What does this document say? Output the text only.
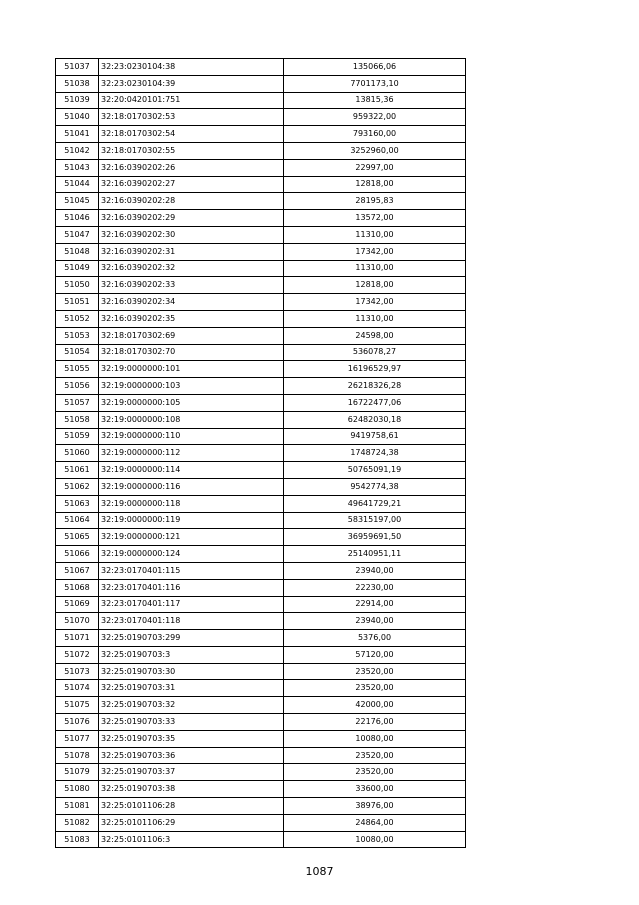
51037	32:23:0230104:38	135066,06
51038	32:23:0230104:39	7701173,10
51039	32:20:0420101:751	13815,36
51040	32:18:0170302:53	959322,00
51041	32:18:0170302:54	793160,00
51042	32:18:0170302:55	3252960,00
51043	32:16:0390202:26	22997,00
51044	32:16:0390202:27	12818,00
51045	32:16:0390202:28	28195,83
51046	32:16:0390202:29	13572,00
51047	32:16:0390202:30	11310,00
51048	32:16:0390202:31	17342,00
51049	32:16:0390202:32	11310,00
51050	32:16:0390202:33	12818,00
51051	32:16:0390202:34	17342,00
51052	32:16:0390202:35	11310,00
51053	32:18:0170302:69	24598,00
51054	32:18:0170302:70	536078,27
51055	32:19:0000000:101	16196529,97
51056	32:19:0000000:103	26218326,28
51057	32:19:0000000:105	16722477,06
51058	32:19:0000000:108	62482030,18
51059	32:19:0000000:110	9419758,61
51060	32:19:0000000:112	1748724,38
51061	32:19:0000000:114	50765091,19
51062	32:19:0000000:116	9542774,38
51063	32:19:0000000:118	49641729,21
51064	32:19:0000000:119	58315197,00
51065	32:19:0000000:121	36959691,50
51066	32:19:0000000:124	25140951,11
51067	32:23:0170401:115	23940,00
51068	32:23:0170401:116	22230,00
51069	32:23:0170401:117	22914,00
51070	32:23:0170401:118	23940,00
51071	32:25:0190703:299	5376,00
51072	32:25:0190703:3	57120,00
51073	32:25:0190703:30	23520,00
51074	32:25:0190703:31	23520,00
51075	32:25:0190703:32	42000,00
51076	32:25:0190703:33	22176,00
51077	32:25:0190703:35	10080,00
51078	32:25:0190703:36	23520,00
51079	32:25:0190703:37	23520,00
51080	32:25:0190703:38	33600,00
51081	32:25:0101106:28	38976,00
51082	32:25:0101106:29	24864,00
51083	32:25:0101106:3	10080,00
1087
